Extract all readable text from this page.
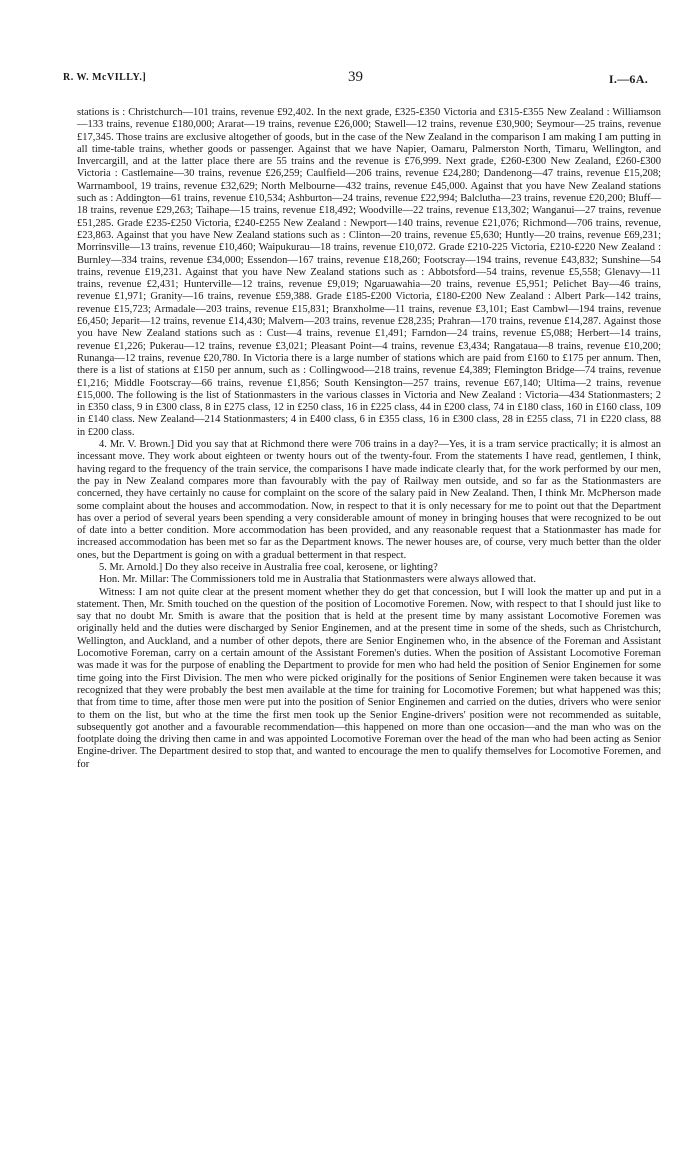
R. W. McVILLY.]	39	I.—6A.

stations is : Christchurch—101 trains, revenue £92,402. In the next grade, £325-£350 Victoria and £315-£355 New Zealand : Williamson—133 trains, revenue £180,000; Ararat—19 trains, revenue £26,000; Stawell—12 trains, revenue £30,900; Seymour—25 trains, revenue £17,345. Those trains are exclusive altogether of goods, but in the case of the New Zealand in the comparison I am making I am putting in all time-table trains, whether goods or passenger. Against that we have Napier, Oamaru, Palmerston North, Timaru, Wellington, and Invercargill, and at the latter place there are 55 trains and the revenue is £76,999. Next grade, £260-£300 New Zealand, £260-£300 Victoria : Castlemaine—30 trains, revenue £26,259; Caulfield—206 trains, revenue £24,280; Dandenong—47 trains, revenue £15,208; Warrnambool, 19 trains, revenue £32,629; North Melbourne—432 trains, revenue £45,000. Against that you have New Zealand stations such as : Addington—61 trains, revenue £10,534; Ashburton—24 trains, revenue £22,994; Balclutha—23 trains, revenue £20,200; Bluff—18 trains, revenue £29,263; Taihape—15 trains, revenue £18,492; Woodville—22 trains, revenue £13,302; Wanganui—27 trains, revenue £51,285. Grade £235-£250 Victoria, £240-£255 New Zealand : Newport—140 trains, revenue £21,076; Richmond—706 trains, revenue, £23,863. Against that you have New Zealand stations such as : Clinton—20 trains, revenue £5,630; Huntly—20 trains, revenue £69,231; Morrinsville—13 trains, revenue £10,460; Waipukurau—18 trains, revenue £10,072. Grade £210-225 Victoria, £210-£220 New Zealand : Burnley—334 trains, revenue £34,000; Essendon—167 trains, revenue £18,260; Footscray—194 trains, revenue £43,832; Sunshine—54 trains, revenue £19,231. Against that you have New Zealand stations such as : Abbotsford—54 trains, revenue £5,558; Glenavy—11 trains, revenue £2,431; Hunterville—12 trains, revenue £9,019; Ngaruawahia—20 trains, revenue £5,951; Pelichet Bay—46 trains, revenue £1,971; Granity—16 trains, revenue £59,388. Grade £185-£200 Victoria, £180-£200 New Zealand : Albert Park—142 trains, revenue £15,723; Armadale—203 trains, revenue £15,831; Branxholme—11 trains, revenue £3,101; East Cambwl—194 trains, revenue £6,450; Jeparit—12 trains, revenue £14,430; Malvern—203 trains, revenue £28,235; Prahran—170 trains, revenue £14,287. Against those you have New Zealand stations such as : Cust—4 trains, revenue £1,491; Farndon—24 trains, revenue £5,088; Herbert—14 trains, revenue £1,226; Pukerau—12 trains, revenue £3,021; Pleasant Point—4 trains, revenue £3,434; Rangataua—8 trains, revenue £10,200; Runanga—12 trains, revenue £20,780. In Victoria there is a large number of stations which are paid from £160 to £175 per annum. Then, there is a list of stations at £150 per annum, such as : Collingwood—218 trains, revenue £4,389; Flemington Bridge—74 trains, revenue £1,216; Middle Footscray—66 trains, revenue £1,856; South Kensington—257 trains, revenue £67,140; Ultima—2 trains, revenue £15,000. The following is the list of Stationmasters in the various classes in Victoria and New Zealand : Victoria—434 Stationmasters; 2 in £350 class, 9 in £300 class, 8 in £275 class, 12 in £250 class, 16 in £225 class, 44 in £200 class, 74 in £180 class, 160 in £160 class, 109 in £140 class. New Zealand—214 Stationmasters; 4 in £400 class, 6 in £355 class, 16 in £300 class, 28 in £255 class, 71 in £220 class, 88 in £200 class.

4. Mr. V. Brown.] Did you say that at Richmond there were 706 trains in a day?—Yes, it is a tram service practically; it is almost an incessant move. They work about eighteen or twenty hours out of the twenty-four. From the statements I have read, gentlemen, I think, having regard to the frequency of the train service, the comparisons I have made indicate clearly that, for the work performed by our men, the pay in New Zealand compares more than favourably with the pay of Railway men outside, and so far as the Stationmasters are concerned, they have certainly no cause for complaint on the score of the salary paid in New Zealand. Then, I think Mr. McPherson made some complaint about the houses and accommodation. Now, in respect to that it is only necessary for me to point out that the Department has over a period of several years been spending a very considerable amount of money in bringing houses that were recognized to be out of date into a better condition. More accommodation has been provided, and any reasonable request that a Stationmaster has made for increased accommodation has been met so far as the Department knows. The newer houses are, of course, very much better than the older ones, but the Department is going on with a gradual betterment in that respect.

5. Mr. Arnold.] Do they also receive in Australia free coal, kerosene, or lighting?

Hon. Mr. Millar: The Commissioners told me in Australia that Stationmasters were always allowed that.

Witness: I am not quite clear at the present moment whether they do get that concession, but I will look the matter up and put in a statement. Then, Mr. Smith touched on the question of the position of Locomotive Foremen. Now, with respect to that I should just like to say that no doubt Mr. Smith is aware that the position that is held at the present time by many assistant Locomotive Foremen was originally held and the duties were discharged by Senior Enginemen, and at the present time in some of the sheds, such as Christchurch, Wellington, and Auckland, and a number of other depots, there are Senior Enginemen who, in the absence of the Foreman and Assistant Locomotive Foreman, carry on a certain amount of the Assistant Foremen's duties. When the position of Assistant Locomotive Foreman was made it was for the purpose of enabling the Department to provide for men who had held the position of Senior Enginemen for some time going into the First Division. The men who were picked originally for the positions of Senior Enginemen were taken because it was recognized that they were probably the best men available at the time for training for Locomotive Foremen; but what happened was this; that from time to time, after those men were put into the position of Senior Enginemen and carried on the duties, drivers who were senior to them on the list, but who at the time the first men took up the Senior Engine-drivers' position were not recommended as suitable, subsequently got another and a favourable recommendation—this happened on more than one occasion—and the man who was on the footplate doing the driving then came in and was appointed Locomotive Foreman over the head of the man who had been acting as Senior Engine-driver. The Department desired to stop that, and wanted to encourage the men to qualify themselves for Locomotive Foremen, and for
